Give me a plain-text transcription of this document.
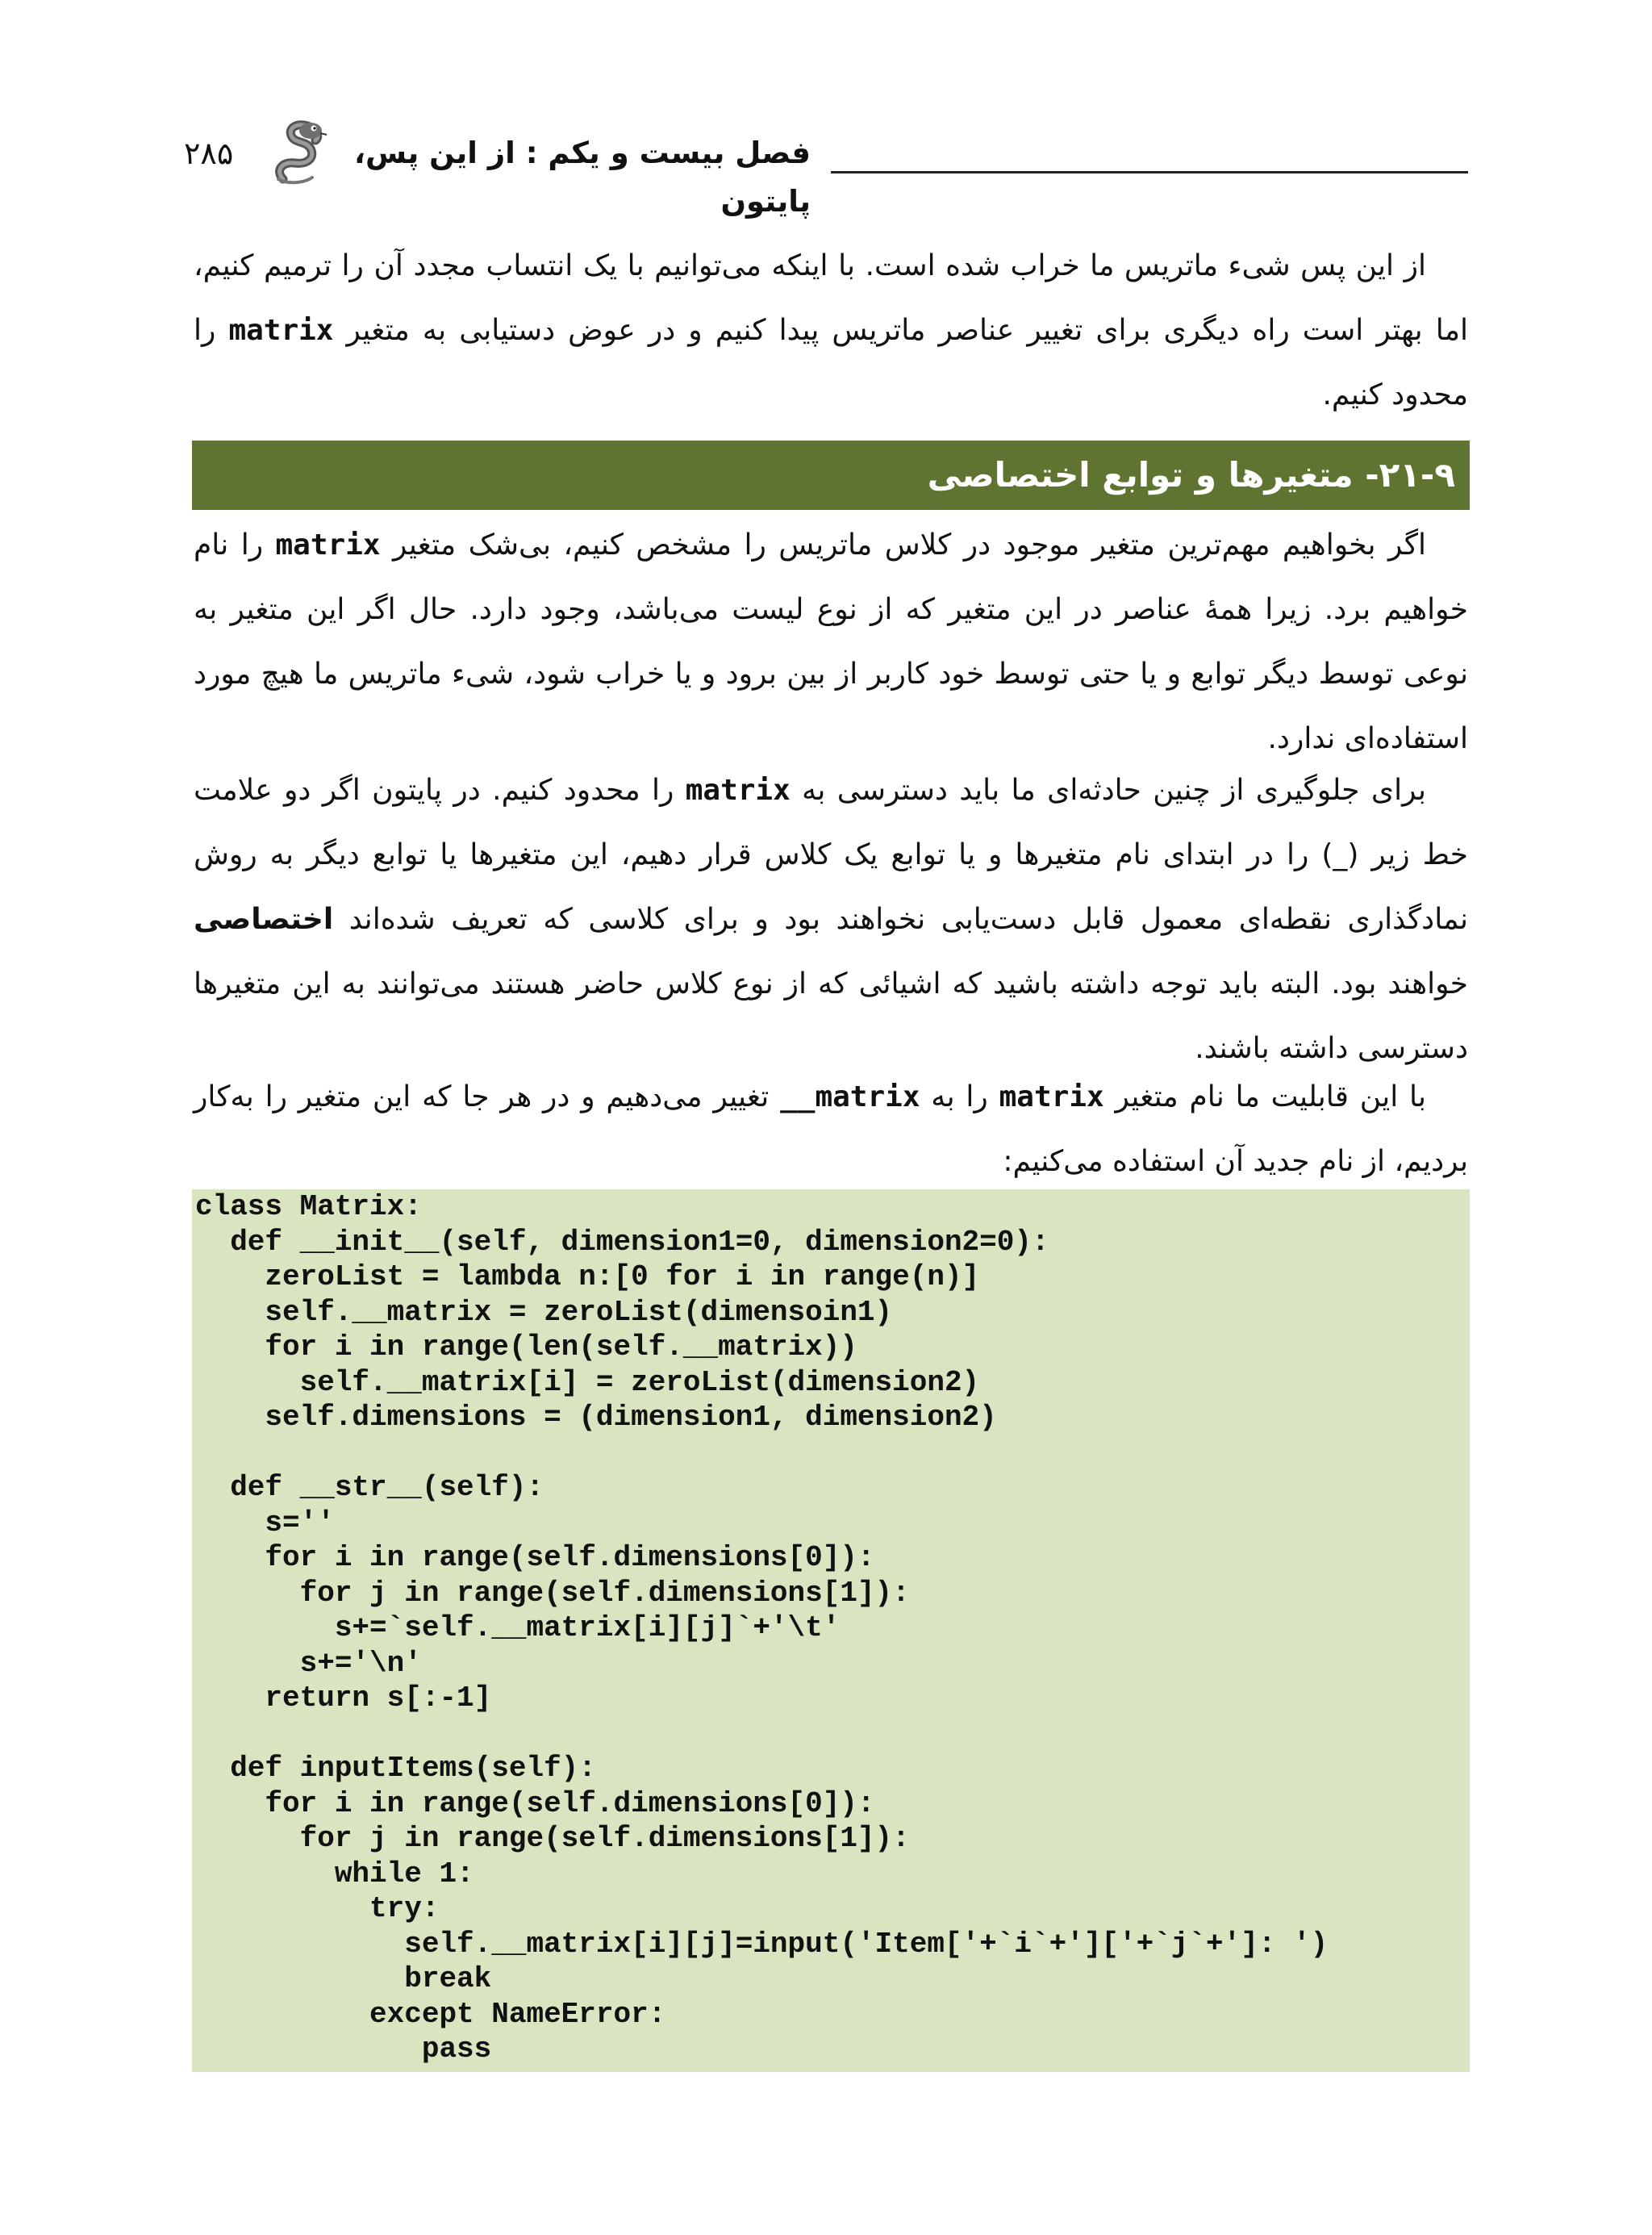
فصل بیست و یکم : از این پس، پایتون
۲۸۵

از این پس شیء ماتریس ما خراب شده است. با اینکه می‌توانیم با یک انتساب مجدد آن را ترمیم کنیم، اما بهتر است راه دیگری برای تغییر عناصر ماتریس پیدا کنیم و در عوض دستیابی به متغیر matrix را محدود کنیم.

۲۱-۹- متغیرها و توابع اختصاصی

اگر بخواهیم مهم‌ترین متغیر موجود در کلاس ماتریس را مشخص کنیم، بی‌شک متغیر matrix را نام خواهیم برد. زیرا همهٔ عناصر در این متغیر که از نوع لیست می‌باشد، وجود دارد. حال اگر این متغیر به نوعی توسط دیگر توابع و یا حتی توسط خود کاربر از بین برود و یا خراب شود، شیء ماتریس ما هیچ مورد استفاده‌ای ندارد.

برای جلوگیری از چنین حادثه‌ای ما باید دسترسی به matrix را محدود کنیم. در پایتون اگر دو علامت خط زیر (_) را در ابتدای نام متغیرها و یا توابع یک کلاس قرار دهیم، این متغیرها یا توابع دیگر به روش نمادگذاری نقطه‌ای معمول قابل دست‌یابی نخواهند بود و برای کلاسی که تعریف شده‌اند اختصاصی خواهند بود. البته باید توجه داشته باشید که اشیائی که از نوع کلاس حاضر هستند می‌توانند به این متغیرها دسترسی داشته باشند.

با این قابلیت ما نام متغیر matrix را به __matrix تغییر می‌دهیم و در هر جا که این متغیر را به‌کار بردیم، از نام جدید آن استفاده می‌کنیم:

class Matrix:
def __init__(self, dimension1=0, dimension2=0):
zeroList = lambda n:[0 for i in range(n)]
self.__matrix = zeroList(dimensoin1)
for i in range(len(self.__matrix))
self.__matrix[i] = zeroList(dimension2)
self.dimensions = (dimension1, dimension2)
def __str__(self):
s=''
for i in range(self.dimensions[0]):
for j in range(self.dimensions[1]):
s+=`self.__matrix[i][j]`+'\t'
s+='\n'
return s[:-1]
def inputItems(self):
for i in range(self.dimensions[0]):
for j in range(self.dimensions[1]):
while 1:
try:
self.__matrix[i][j]=input('Item['+`i`+']['+`j`+']: ')
break
except NameError:
pass
